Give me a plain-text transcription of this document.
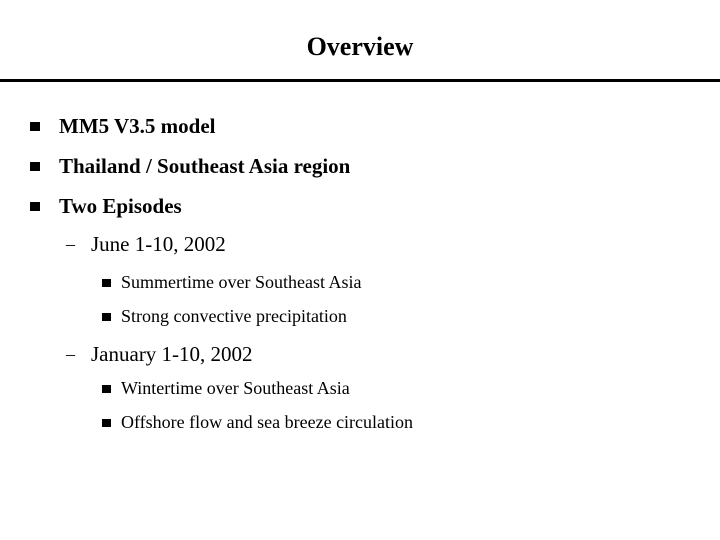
Overview
MM5 V3.5 model
Thailand / Southeast Asia region
Two Episodes
– June 1-10, 2002
Summertime over Southeast Asia
Strong convective precipitation
– January 1-10, 2002
Wintertime over Southeast Asia
Offshore flow and sea breeze circulation
